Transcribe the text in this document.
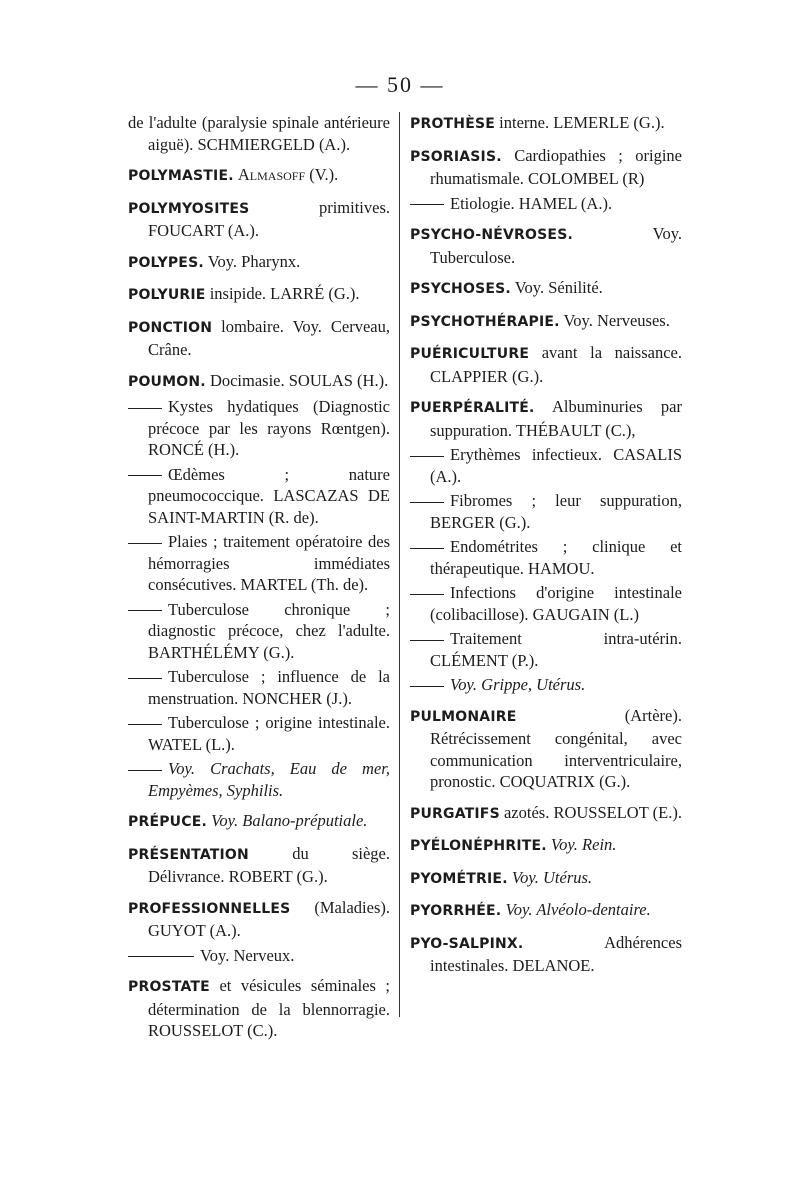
— 50 —
de l'adulte (paralysie spinale antérieure aiguë). SCHMIERGELD (A.).
POLYMASTIE. Almasoff (V.).
POLYMYOSITES	primitives. FOUCART (A.).
POLYPES. Voy. Pharynx.
POLYURIE insipide. LARRÉ (G.).
PONCTION lombaire. Voy. Cerveau, Crâne.
POUMON. Docimasie. SOULAS (H.).
Kystes hydatiques (Diagnostic précoce par les rayons Rœntgen). RONCÉ (H.).
Œdèmes ; nature pneumococcique. LASCAZAS DE SAINT-MARTIN (R. de).
Plaies ; traitement opératoire des hémorragies immédiates consécutives. MARTEL (Th. de).
Tuberculose chronique ; diagnostic précoce, chez l'adulte. BARTHÉLÉMY (G.).
Tuberculose ; influence de la menstruation. NONCHER (J.).
Tuberculose ; origine intestinale. WATEL (L.).
Voy. Crachats, Eau de mer, Empyèmes, Syphilis.
PRÉPUCE. Voy. Balano-préputiale.
PRÉSENTATION	du siège. Délivrance. ROBERT (G.).
PROFESSIONNELLES (Maladies). GUYOT (A.).
Voy. Nerveux.
PROSTATE et vésicules séminales ; détermination de la blennorragie. ROUSSELOT (C.).
PROTHÈSE interne. LEMERLE (G.).
PSORIASIS. Cardiopathies ; origine rhumatismale. COLOMBEL (R)
Etiologie. HAMEL (A.).
PSYCHO-NÉVROSES.	Voy. Tuberculose.
PSYCHOSES. Voy. Sénilité.
PSYCHOTHÉRAPIE. Voy. Nerveuses.
PUÉRICULTURE avant la naissance. CLAPPIER (G.).
PUERPÉRALITÉ. Albuminuries par suppuration. THÉBAULT (C.),
Erythèmes infectieux. CASALIS (A.).
Fibromes ; leur suppuration, BERGER (G.).
Endométrites ; clinique et thérapeutique. HAMOU.
Infections d'origine intestinale (colibacillose). GAUGAIN (L.)
Traitement intra-utérin. CLÉMENT (P.).
Voy. Grippe, Utérus.
PULMONAIRE	(Artère). Rétrécissement congénital, avec communication interventriculaire, pronostic. COQUATRIX (G.).
PURGATIFS azotés. ROUSSELOT (E.).
PYÉLONÉPHRITE. Voy. Rein.
PYOMÉTRIE. Voy. Utérus.
PYORRHÉE. Voy. Alvéolo-dentaire.
PYO-SALPINX.	Adhérences intestinales. DELANOE.
